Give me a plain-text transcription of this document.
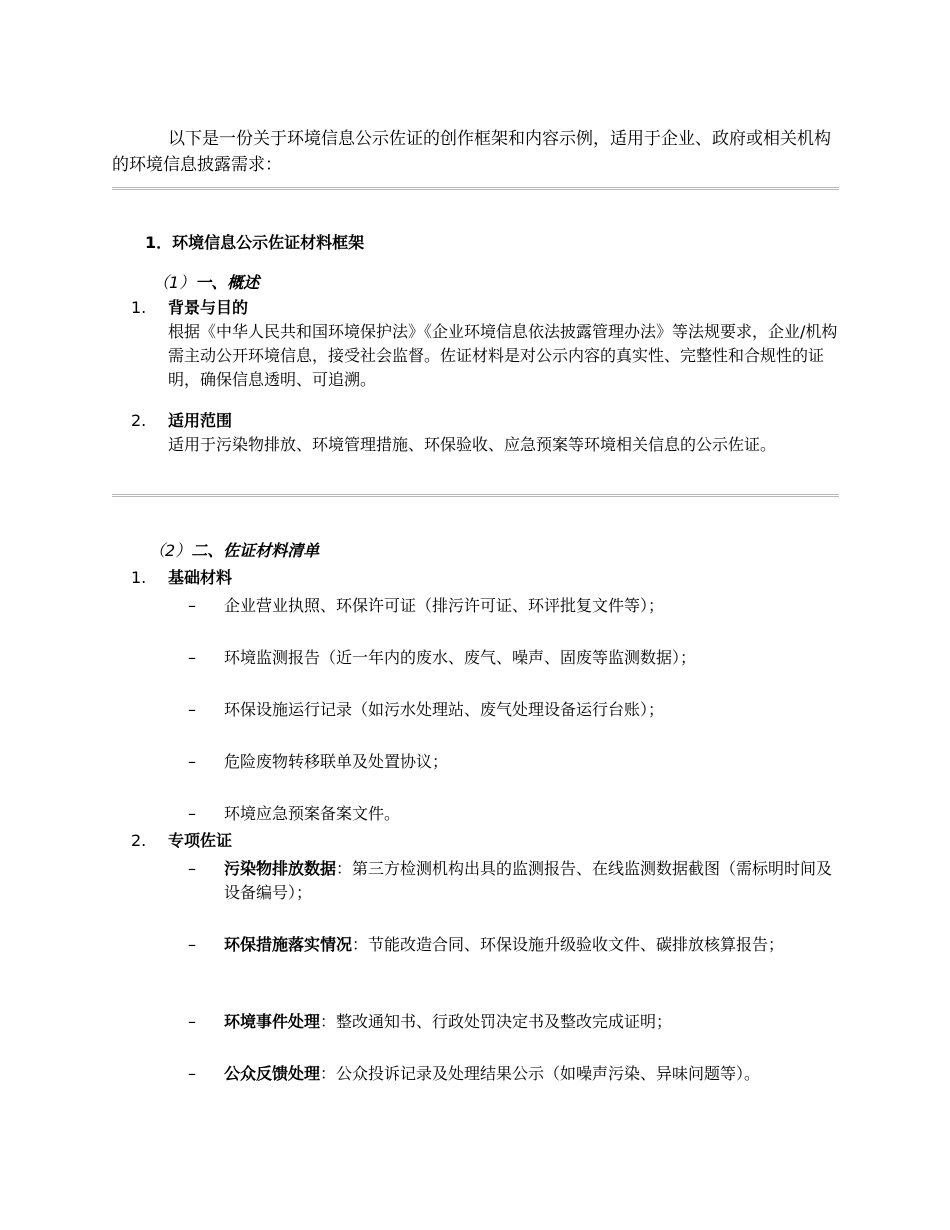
以下是一份关于环境信息公示佐证的创作框架和内容示例，适用于企业、政府或相关机构的环境信息披露需求：

1．环境信息公示佐证材料框架
（1）一、概述
1. 背景与目的

根据《中华人民共和国环境保护法》《企业环境信息依法披露管理办法》等法规要求，企业/机构需主动公开环境信息，接受社会监督。佐证材料是对公示内容的真实性、完整性和合规性的证明，确保信息透明、可追溯。

2. 适用范围

适用于污染物排放、环境管理措施、环保验收、应急预案等环境相关信息的公示佐证。

（2）二、佐证材料清单
1. 基础材料

– 企业营业执照、环保许可证（排污许可证、环评批复文件等）；

– 环境监测报告（近一年内的废水、废气、噪声、固废等监测数据）；

– 环保设施运行记录（如污水处理站、废气处理设备运行台账）；

– 危险废物转移联单及处置协议；

– 环境应急预案备案文件。

2. 专项佐证

– 污染物排放数据：第三方检测机构出具的监测报告、在线监测数据截图（需标明时间及设备编号）；

– 环保措施落实情况：节能改造合同、环保设施升级验收文件、碳排放核算报告；

– 环境事件处理：整改通知书、行政处罚决定书及整改完成证明；

– 公众反馈处理：公众投诉记录及处理结果公示（如噪声污染、异味问题等）。
